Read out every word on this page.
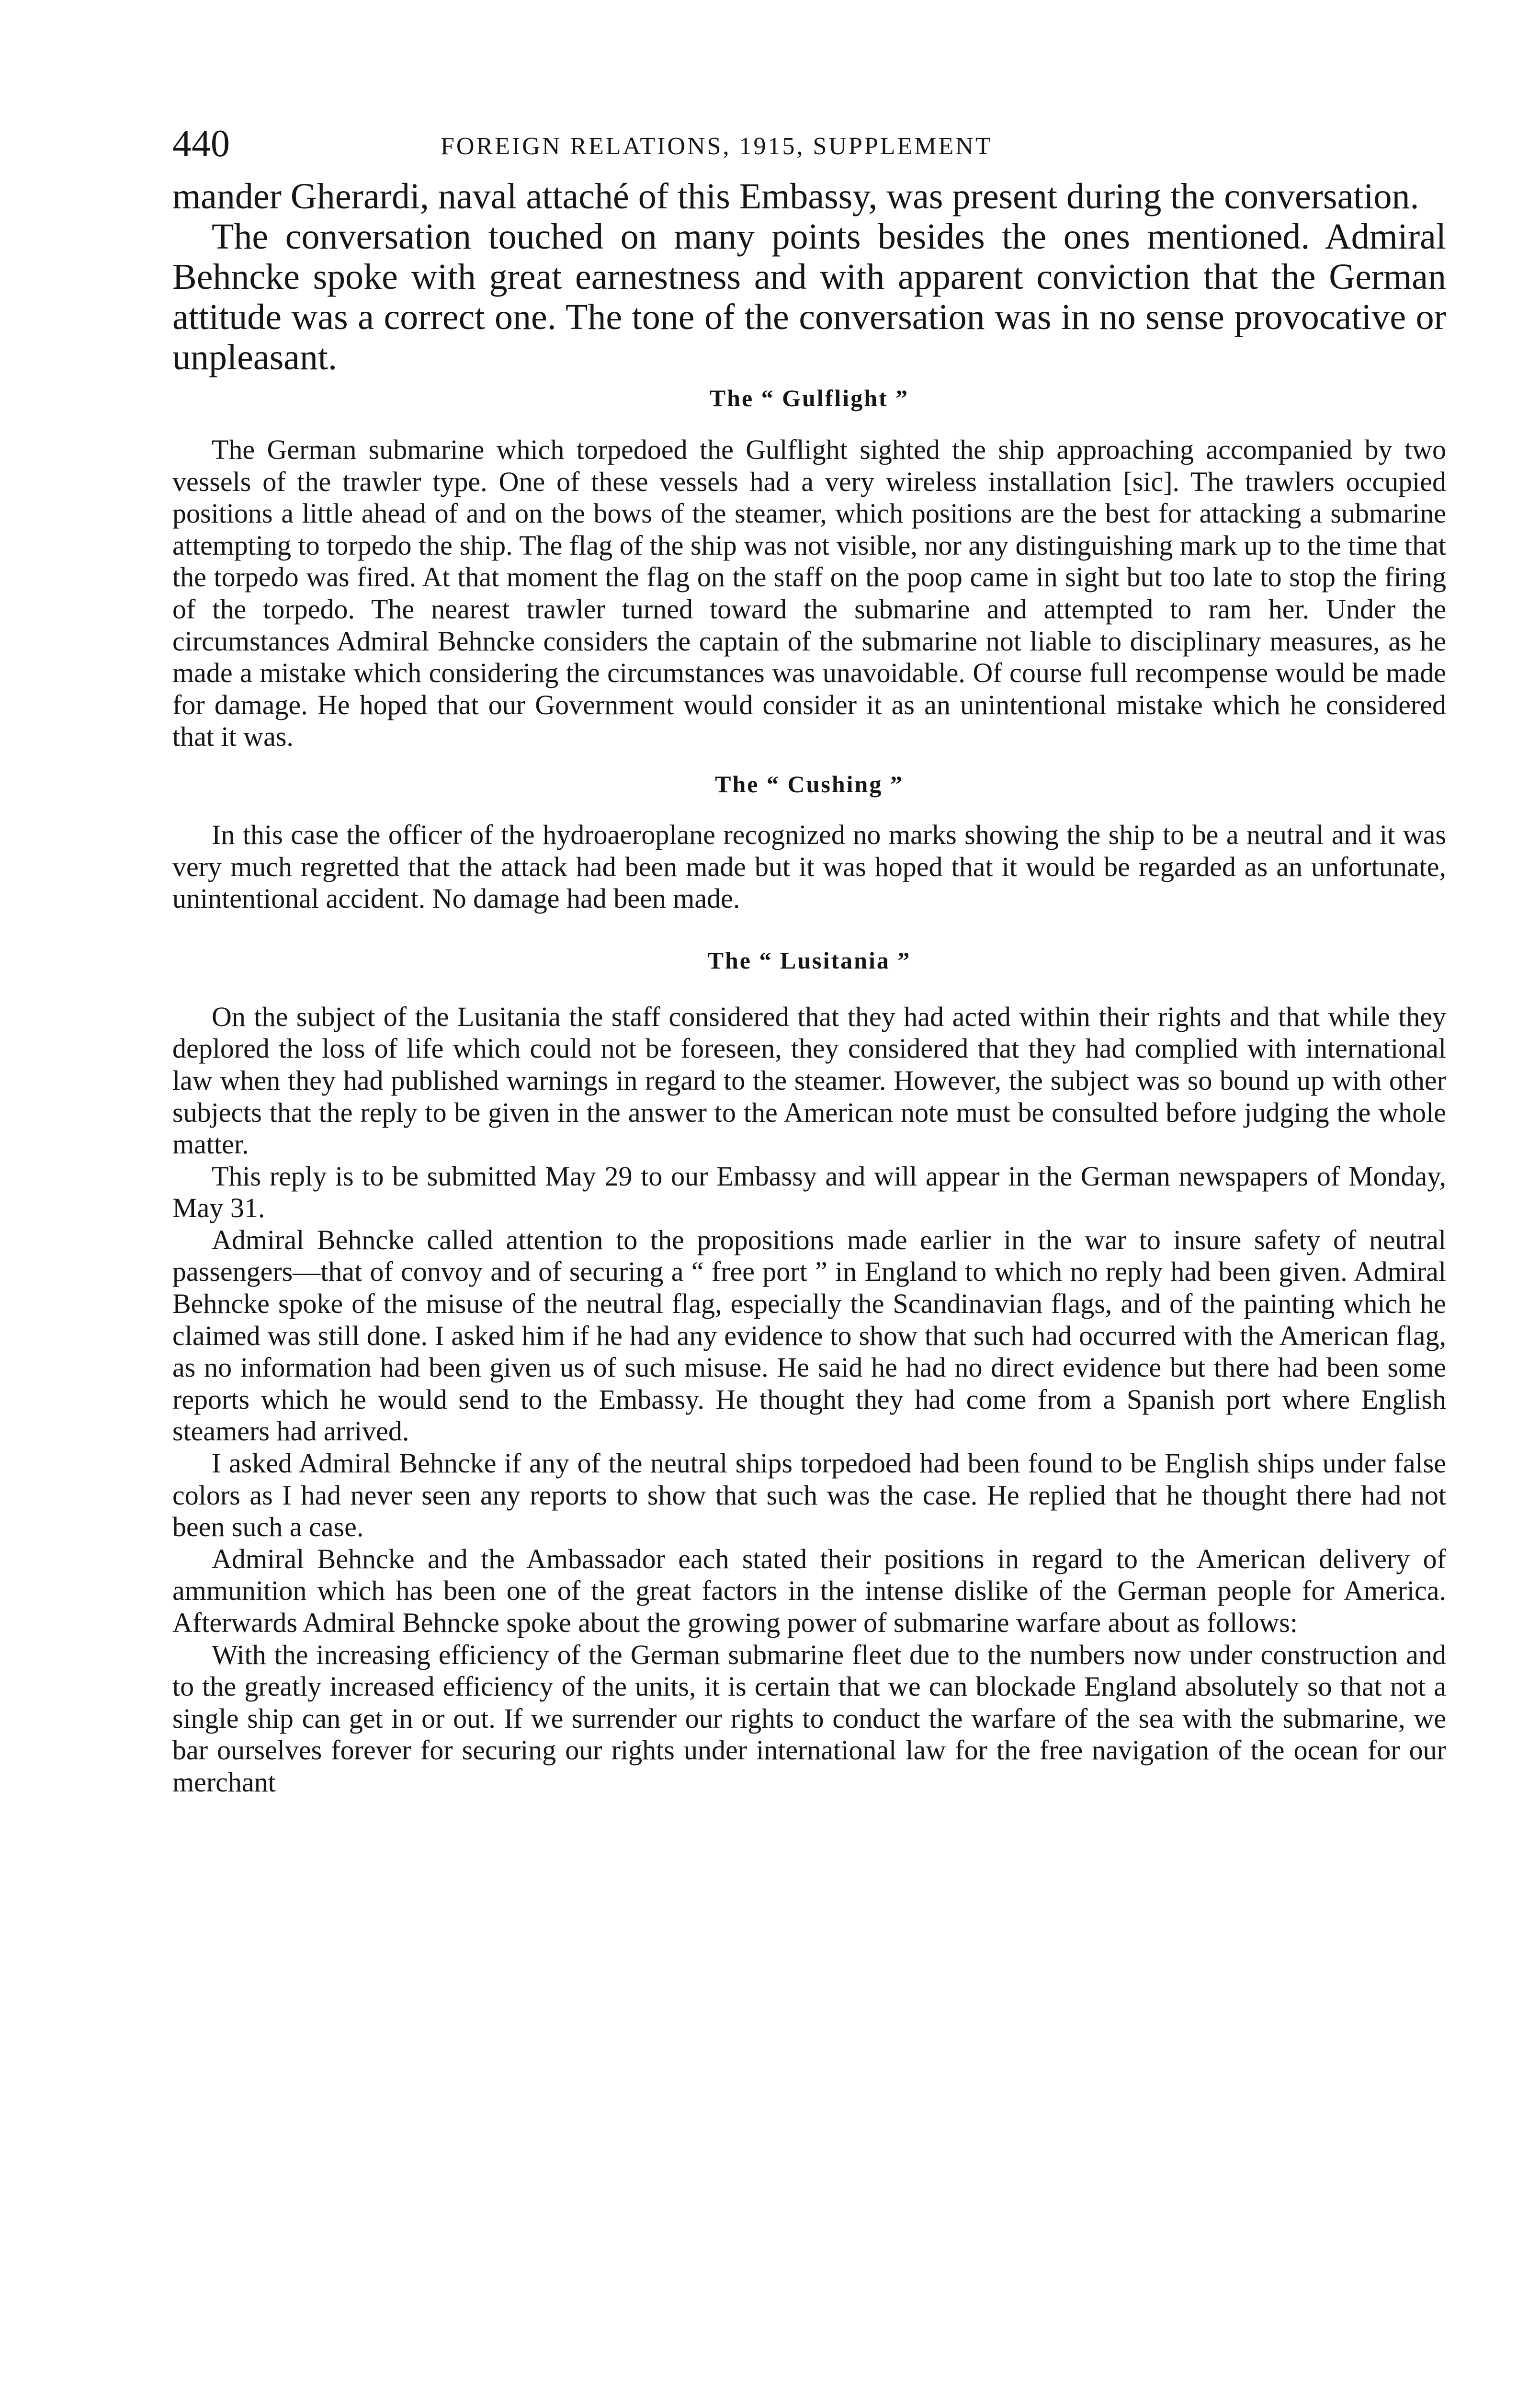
440	FOREIGN RELATIONS, 1915, SUPPLEMENT

mander Gherardi, naval attaché of this Embassy, was present during the conversation.

The conversation touched on many points besides the ones mentioned. Admiral Behncke spoke with great earnestness and with apparent conviction that the German attitude was a correct one. The tone of the conversation was in no sense provocative or unpleasant.

The “ Gulflight ”

The German submarine which torpedoed the Gulflight sighted the ship approaching accompanied by two vessels of the trawler type. One of these vessels had a very wireless installation [sic]. The trawlers occupied positions a little ahead of and on the bows of the steamer, which positions are the best for attacking a submarine attempting to torpedo the ship. The flag of the ship was not visible, nor any distinguishing mark up to the time that the torpedo was fired. At that moment the flag on the staff on the poop came in sight but too late to stop the firing of the torpedo. The nearest trawler turned toward the submarine and attempted to ram her. Under the circumstances Admiral Behncke considers the captain of the submarine not liable to disciplinary measures, as he made a mistake which considering the circumstances was unavoidable. Of course full recompense would be made for damage. He hoped that our Government would consider it as an unintentional mistake which he considered that it was.

The “ Cushing ”

In this case the officer of the hydroaeroplane recognized no marks showing the ship to be a neutral and it was very much regretted that the attack had been made but it was hoped that it would be regarded as an unfortunate, unintentional accident. No damage had been made.

The “ Lusitania ”

On the subject of the Lusitania the staff considered that they had acted within their rights and that while they deplored the loss of life which could not be foreseen, they considered that they had complied with international law when they had published warnings in regard to the steamer. However, the subject was so bound up with other subjects that the reply to be given in the answer to the American note must be consulted before judging the whole matter.

This reply is to be submitted May 29 to our Embassy and will appear in the German newspapers of Monday, May 31.

Admiral Behncke called attention to the propositions made earlier in the war to insure safety of neutral passengers—that of convoy and of securing a “ free port ” in England to which no reply had been given. Admiral Behncke spoke of the misuse of the neutral flag, especially the Scandinavian flags, and of the painting which he claimed was still done. I asked him if he had any evidence to show that such had occurred with the American flag, as no information had been given us of such misuse. He said he had no direct evidence but there had been some reports which he would send to the Embassy. He thought they had come from a Spanish port where English steamers had arrived.

I asked Admiral Behncke if any of the neutral ships torpedoed had been found to be English ships under false colors as I had never seen any reports to show that such was the case. He replied that he thought there had not been such a case.

Admiral Behncke and the Ambassador each stated their positions in regard to the American delivery of ammunition which has been one of the great factors in the intense dislike of the German people for America. Afterwards Admiral Behncke spoke about the growing power of submarine warfare about as follows:

With the increasing efficiency of the German submarine fleet due to the numbers now under construction and to the greatly increased efficiency of the units, it is certain that we can blockade England absolutely so that not a single ship can get in or out. If we surrender our rights to conduct the warfare of the sea with the submarine, we bar ourselves forever for securing our rights under international law for the free navigation of the ocean for our merchant
